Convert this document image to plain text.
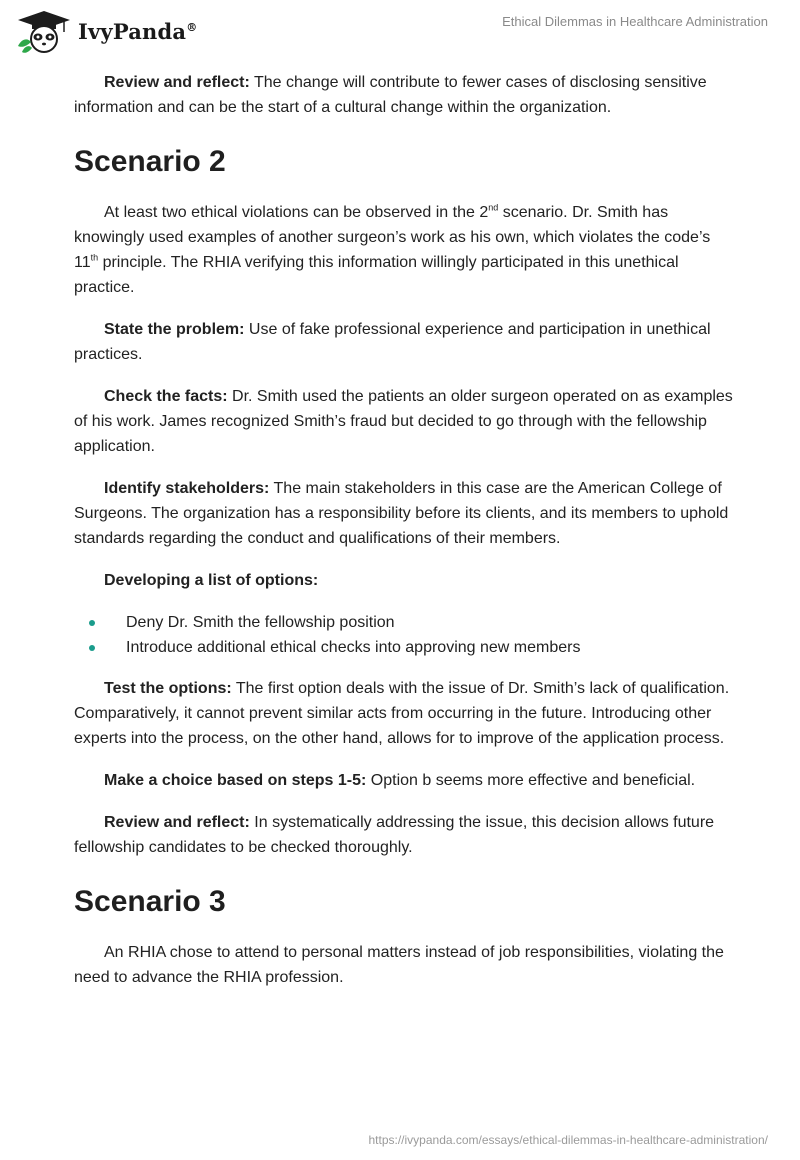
IvyPanda®	Ethical Dilemmas in Healthcare Administration

Review and reflect: The change will contribute to fewer cases of disclosing sensitive information and can be the start of a cultural change within the organization.

Scenario 2

At least two ethical violations can be observed in the 2nd scenario. Dr. Smith has knowingly used examples of another surgeon’s work as his own, which violates the code’s 11th principle. The RHIA verifying this information willingly participated in this unethical practice.

State the problem: Use of fake professional experience and participation in unethical practices.

Check the facts: Dr. Smith used the patients an older surgeon operated on as examples of his work. James recognized Smith’s fraud but decided to go through with the fellowship application.

Identify stakeholders: The main stakeholders in this case are the American College of Surgeons. The organization has a responsibility before its clients, and its members to uphold standards regarding the conduct and qualifications of their members.

Developing a list of options:

Deny Dr. Smith the fellowship position
Introduce additional ethical checks into approving new members

Test the options: The first option deals with the issue of Dr. Smith’s lack of qualification. Comparatively, it cannot prevent similar acts from occurring in the future. Introducing other experts into the process, on the other hand, allows for to improve of the application process.

Make a choice based on steps 1-5: Option b seems more effective and beneficial.

Review and reflect: In systematically addressing the issue, this decision allows future fellowship candidates to be checked thoroughly.

Scenario 3

An RHIA chose to attend to personal matters instead of job responsibilities, violating the need to advance the RHIA profession.

https://ivypanda.com/essays/ethical-dilemmas-in-healthcare-administration/
